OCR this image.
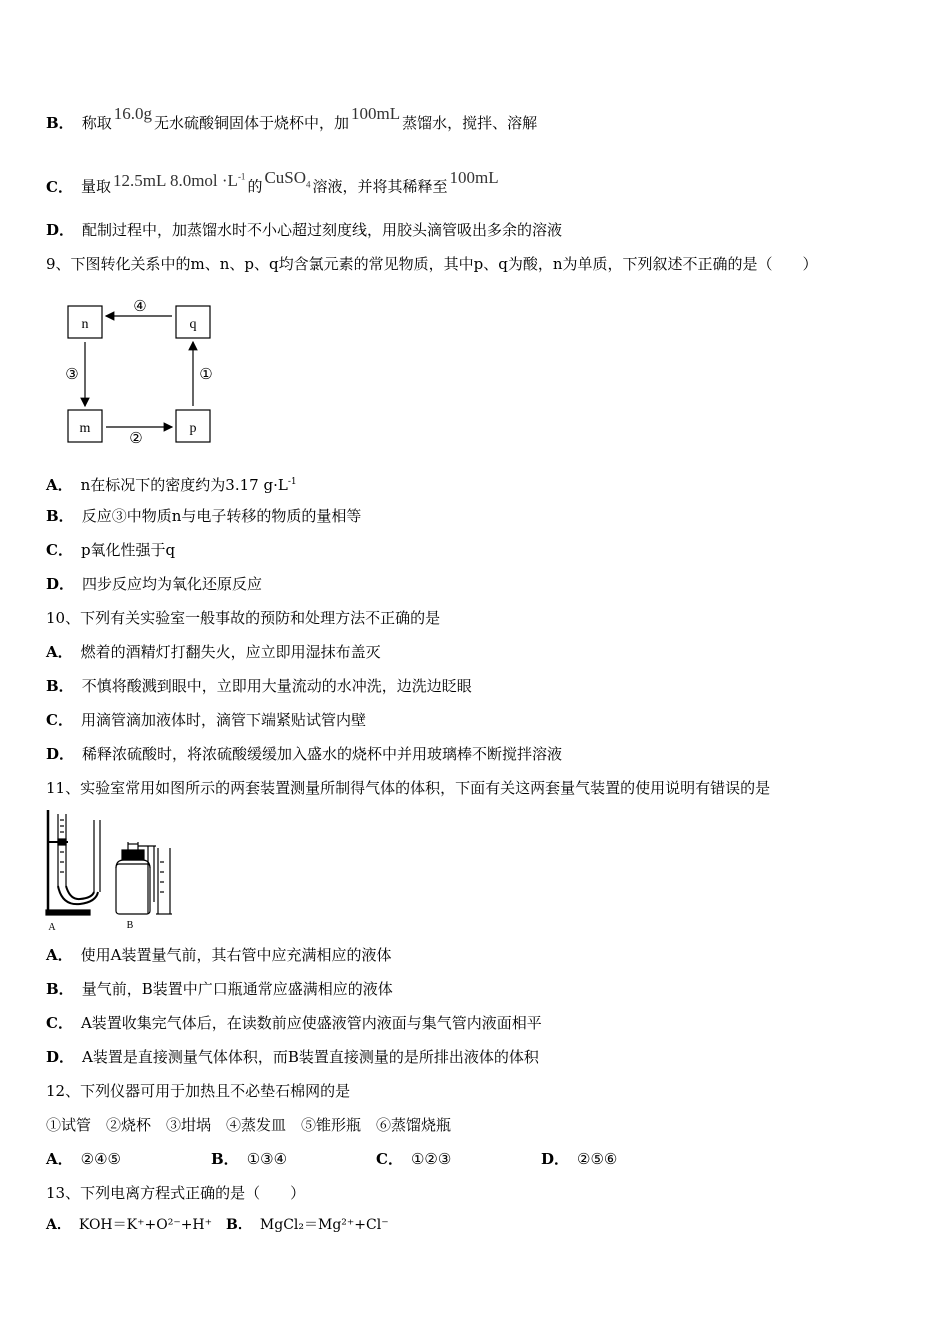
B． 称取 16.0g 无水硫酸铜固体于烧杯中，加 100mL 蒸馏水，搅拌、溶解
C． 量取 12.5mL $8.0mol \cdot L^{-1}$的 CuSO$_4$ 溶液，并将其稀释至 100mL
D． 配制过程中，加蒸馏水时不小心超过刻度线，用胶头滴管吸出多余的溶液
9、下图转化关系中的m、n、p、q均含氯元素的常见物质，其中p、q为酸，n为单质，下列叙述不正确的是（　　）
n	q
m	p
④
③
②
①
A． n在标况下的密度约为3.17 $g\cdot L^{-1}$
B． 反应③中物质n与电子转移的物质的量相等
C． p氧化性强于q
D． 四步反应均为氧化还原反应
10、下列有关实验室一般事故的预防和处理方法不正确的是
A． 燃着的酒精灯打翻失火，应立即用湿抹布盖灭
B． 不慎将酸溅到眼中，立即用大量流动的水冲洗，边洗边眨眼
C． 用滴管滴加液体时，滴管下端紧贴试管内壁
D． 稀释浓硫酸时，将浓硫酸缓缓加入盛水的烧杯中并用玻璃棒不断搅拌溶液
11、实验室常用如图所示的两套装置测量所制得气体的体积，下面有关这两套量气装置的使用说明有错误的是
A	B
A． 使用A装置量气前，其右管中应充满相应的液体
B． 量气前，B装置中广口瓶通常应盛满相应的液体
C． A装置收集完气体后，在读数前应使盛液管内液面与集气管内液面相平
D． A装置是直接测量气体体积，而B装置直接测量的是所排出液体的体积
12、下列仪器可用于加热且不必垫石棉网的是
①试管　②烧杯　③坩埚　④蒸发皿　⑤锥形瓶　⑥蒸馏烧瓶
A． ②④⑤	B． ①③④	C． ①②③	D． ②⑤⑥
13、下列电离方程式正确的是（　　）
A． KOH＝K⁺+O²⁻+H⁺ B． MgCl₂＝Mg²⁺+Cl⁻
